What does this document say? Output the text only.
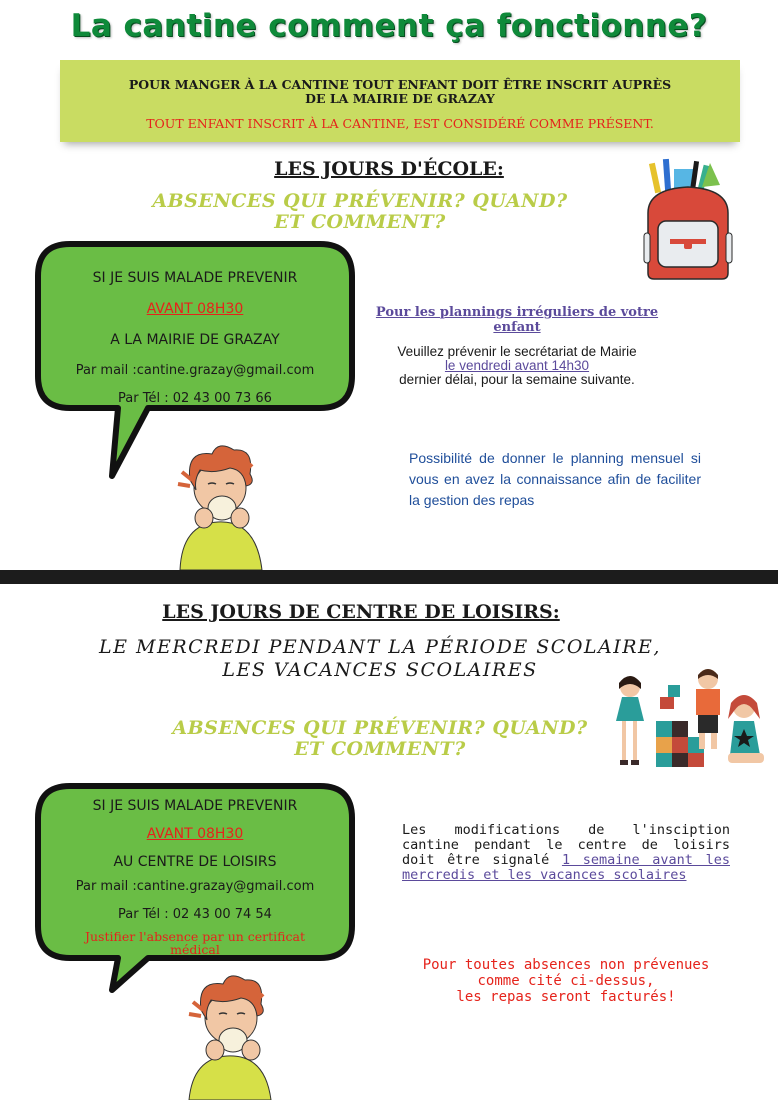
La cantine comment ça fonctionne?
POUR MANGER À LA CANTINE TOUT ENFANT DOIT ÊTRE INSCRIT AUPRÈS
DE LA MAIRIE DE GRAZAY
TOUT ENFANT INSCRIT À LA CANTINE, EST CONSIDÉRÉ COMME PRÉSENT.
LES JOURS D'ÉCOLE:
ABSENCES QUI PRÉVENIR? QUAND?
ET COMMENT?
SI JE SUIS MALADE PREVENIR
AVANT 08H30
A LA MAIRIE DE GRAZAY
Par mail :cantine.grazay@gmail.com
Par Tél : 02 43 00 73 66
Pour les plannings irréguliers de votre
enfant
Veuillez prévenir le secrétariat de Mairie
le vendredi avant 14h30
dernier délai, pour la semaine suivante.
Possibilité de donner le planning mensuel si vous en avez la connaissance afin de faciliter la gestion des repas
LES JOURS DE CENTRE DE LOISIRS:
LE MERCREDI PENDANT LA PÉRIODE SCOLAIRE,
LES VACANCES SCOLAIRES
ABSENCES QUI PRÉVENIR? QUAND?
ET COMMENT?
SI JE SUIS MALADE PREVENIR
AVANT 08H30
AU CENTRE DE LOISIRS
Par mail :cantine.grazay@gmail.com
Par Tél : 02 43 00 74 54
Justifier l'absence par un certificat
médical
Les modifications de l'insciption cantine pendant le centre de loisirs doit être signalé 1 semaine avant les mercredis et les vacances scolaires
Pour toutes absences non prévenues
comme cité ci-dessus,
les repas seront facturés!
